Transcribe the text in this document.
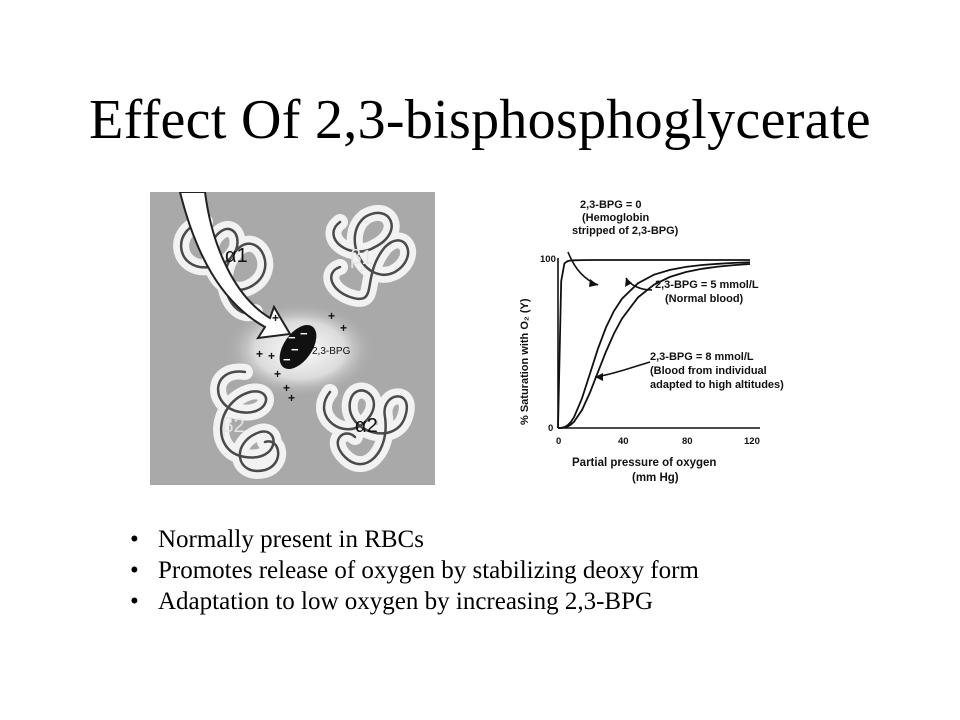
Effect Of 2,3-bisphosphoglycerate
− −
−
−
+	+
+
+ +
+
+
+
2,3-BPG
α1	β1
β2	α2
2,3-BPG = 0 (Hemoglobin stripped of 2,3-BPG)
2,3-BPG = 5 mmol/L (Normal blood)
2,3-BPG = 8 mmol/L (Blood from individual adapted to high altitudes)
100
0
0	40	80	120
Partial pressure of oxygen (mm Hg)
% Saturation with O₂ (Y)
• Normally present in RBCs
• Promotes release of oxygen by stabilizing deoxy form
• Adaptation to low oxygen by increasing 2,3-BPG
